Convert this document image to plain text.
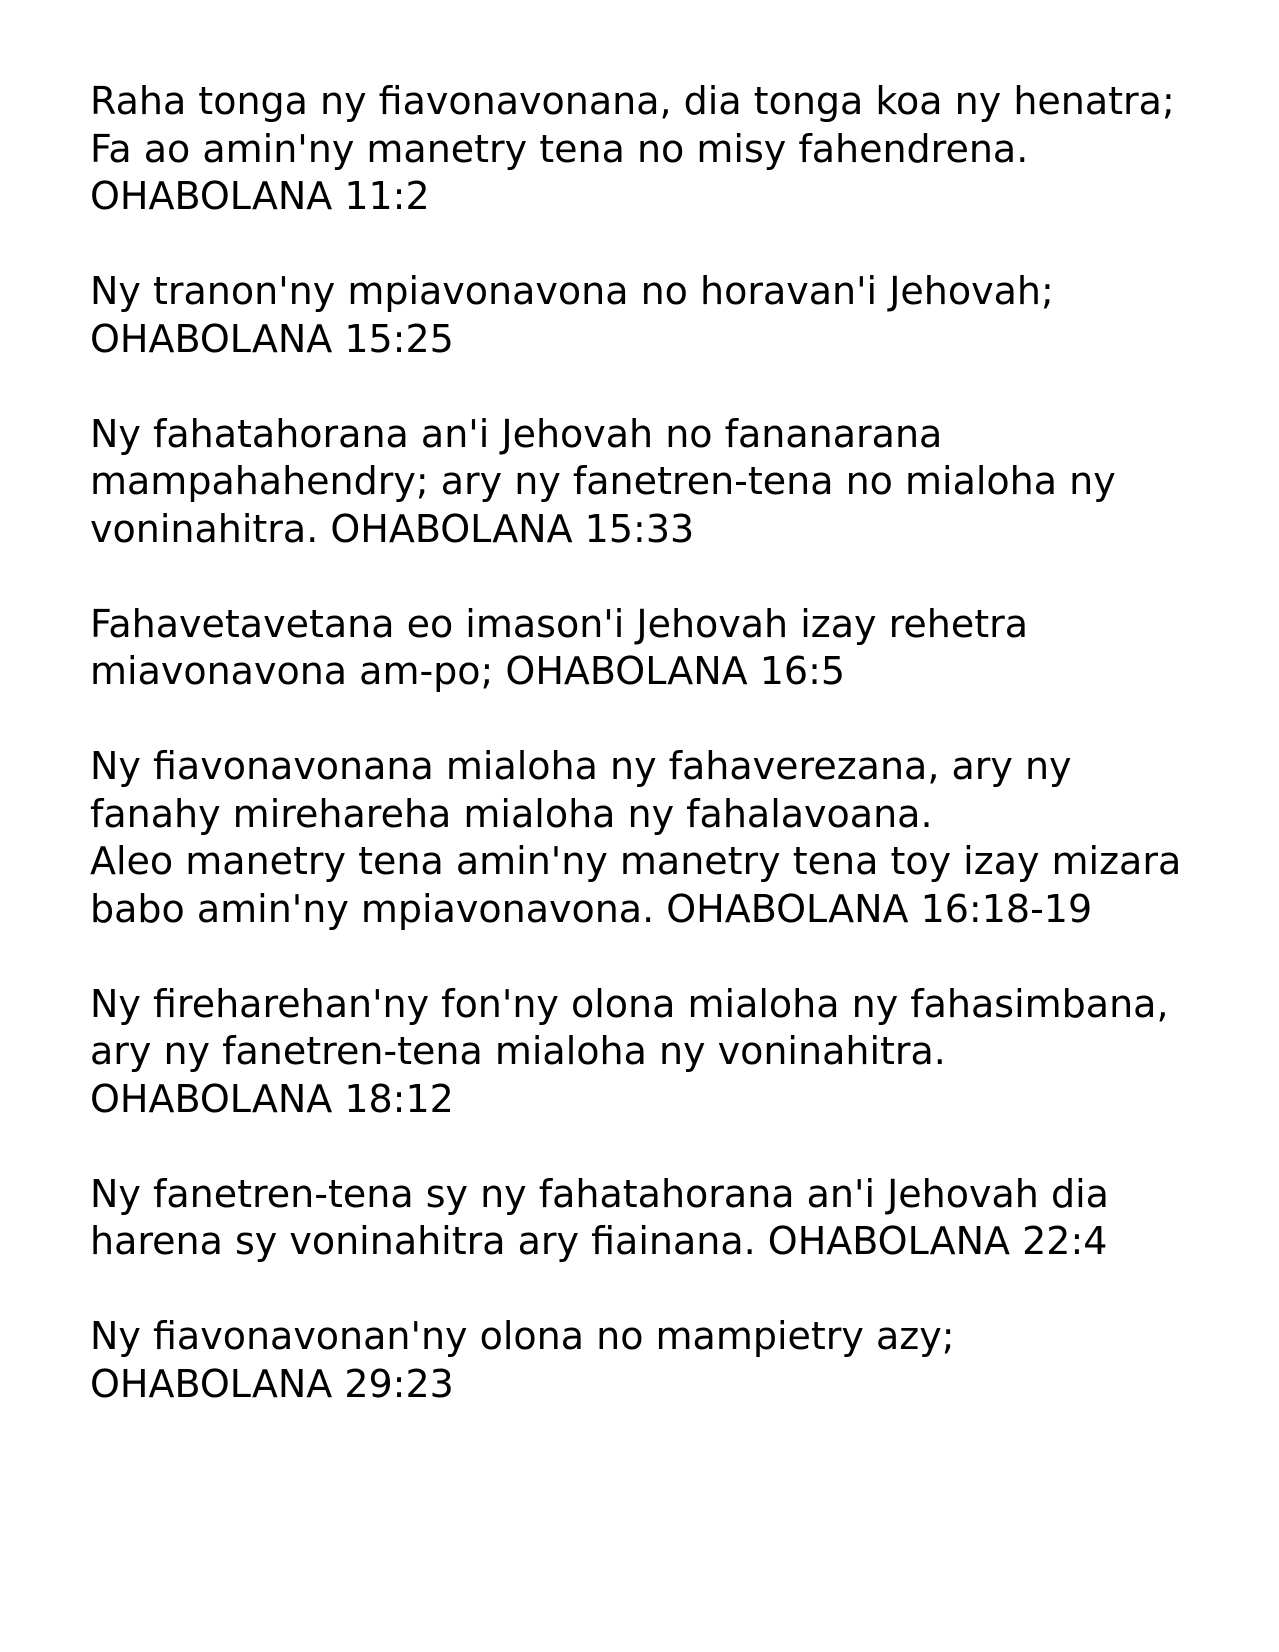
Raha tonga ny fiavonavonana, dia tonga koa ny henatra;
Fa ao amin'ny manetry tena no misy fahendrena.
OHABOLANA 11:2

Ny tranon'ny mpiavonavona no horavan'i Jehovah;
OHABOLANA 15:25

Ny fahatahorana an'i Jehovah no fananarana
mampahahendry; ary ny fanetren-tena no mialoha ny
voninahitra. OHABOLANA 15:33

Fahavetavetana eo imason'i Jehovah izay rehetra
miavonavona am-po; OHABOLANA 16:5

Ny fiavonavonana mialoha ny fahaverezana, ary ny
fanahy mirehareha mialoha ny fahalavoana.
Aleo manetry tena amin'ny manetry tena toy izay mizara
babo amin'ny mpiavonavona. OHABOLANA 16:18-19

Ny fireharehan'ny fon'ny olona mialoha ny fahasimbana,
ary ny fanetren-tena mialoha ny voninahitra.
OHABOLANA 18:12

Ny fanetren-tena sy ny fahatahorana an'i Jehovah dia
harena sy voninahitra ary fiainana. OHABOLANA 22:4

Ny fiavonavonan'ny olona no mampietry azy;
OHABOLANA 29:23
